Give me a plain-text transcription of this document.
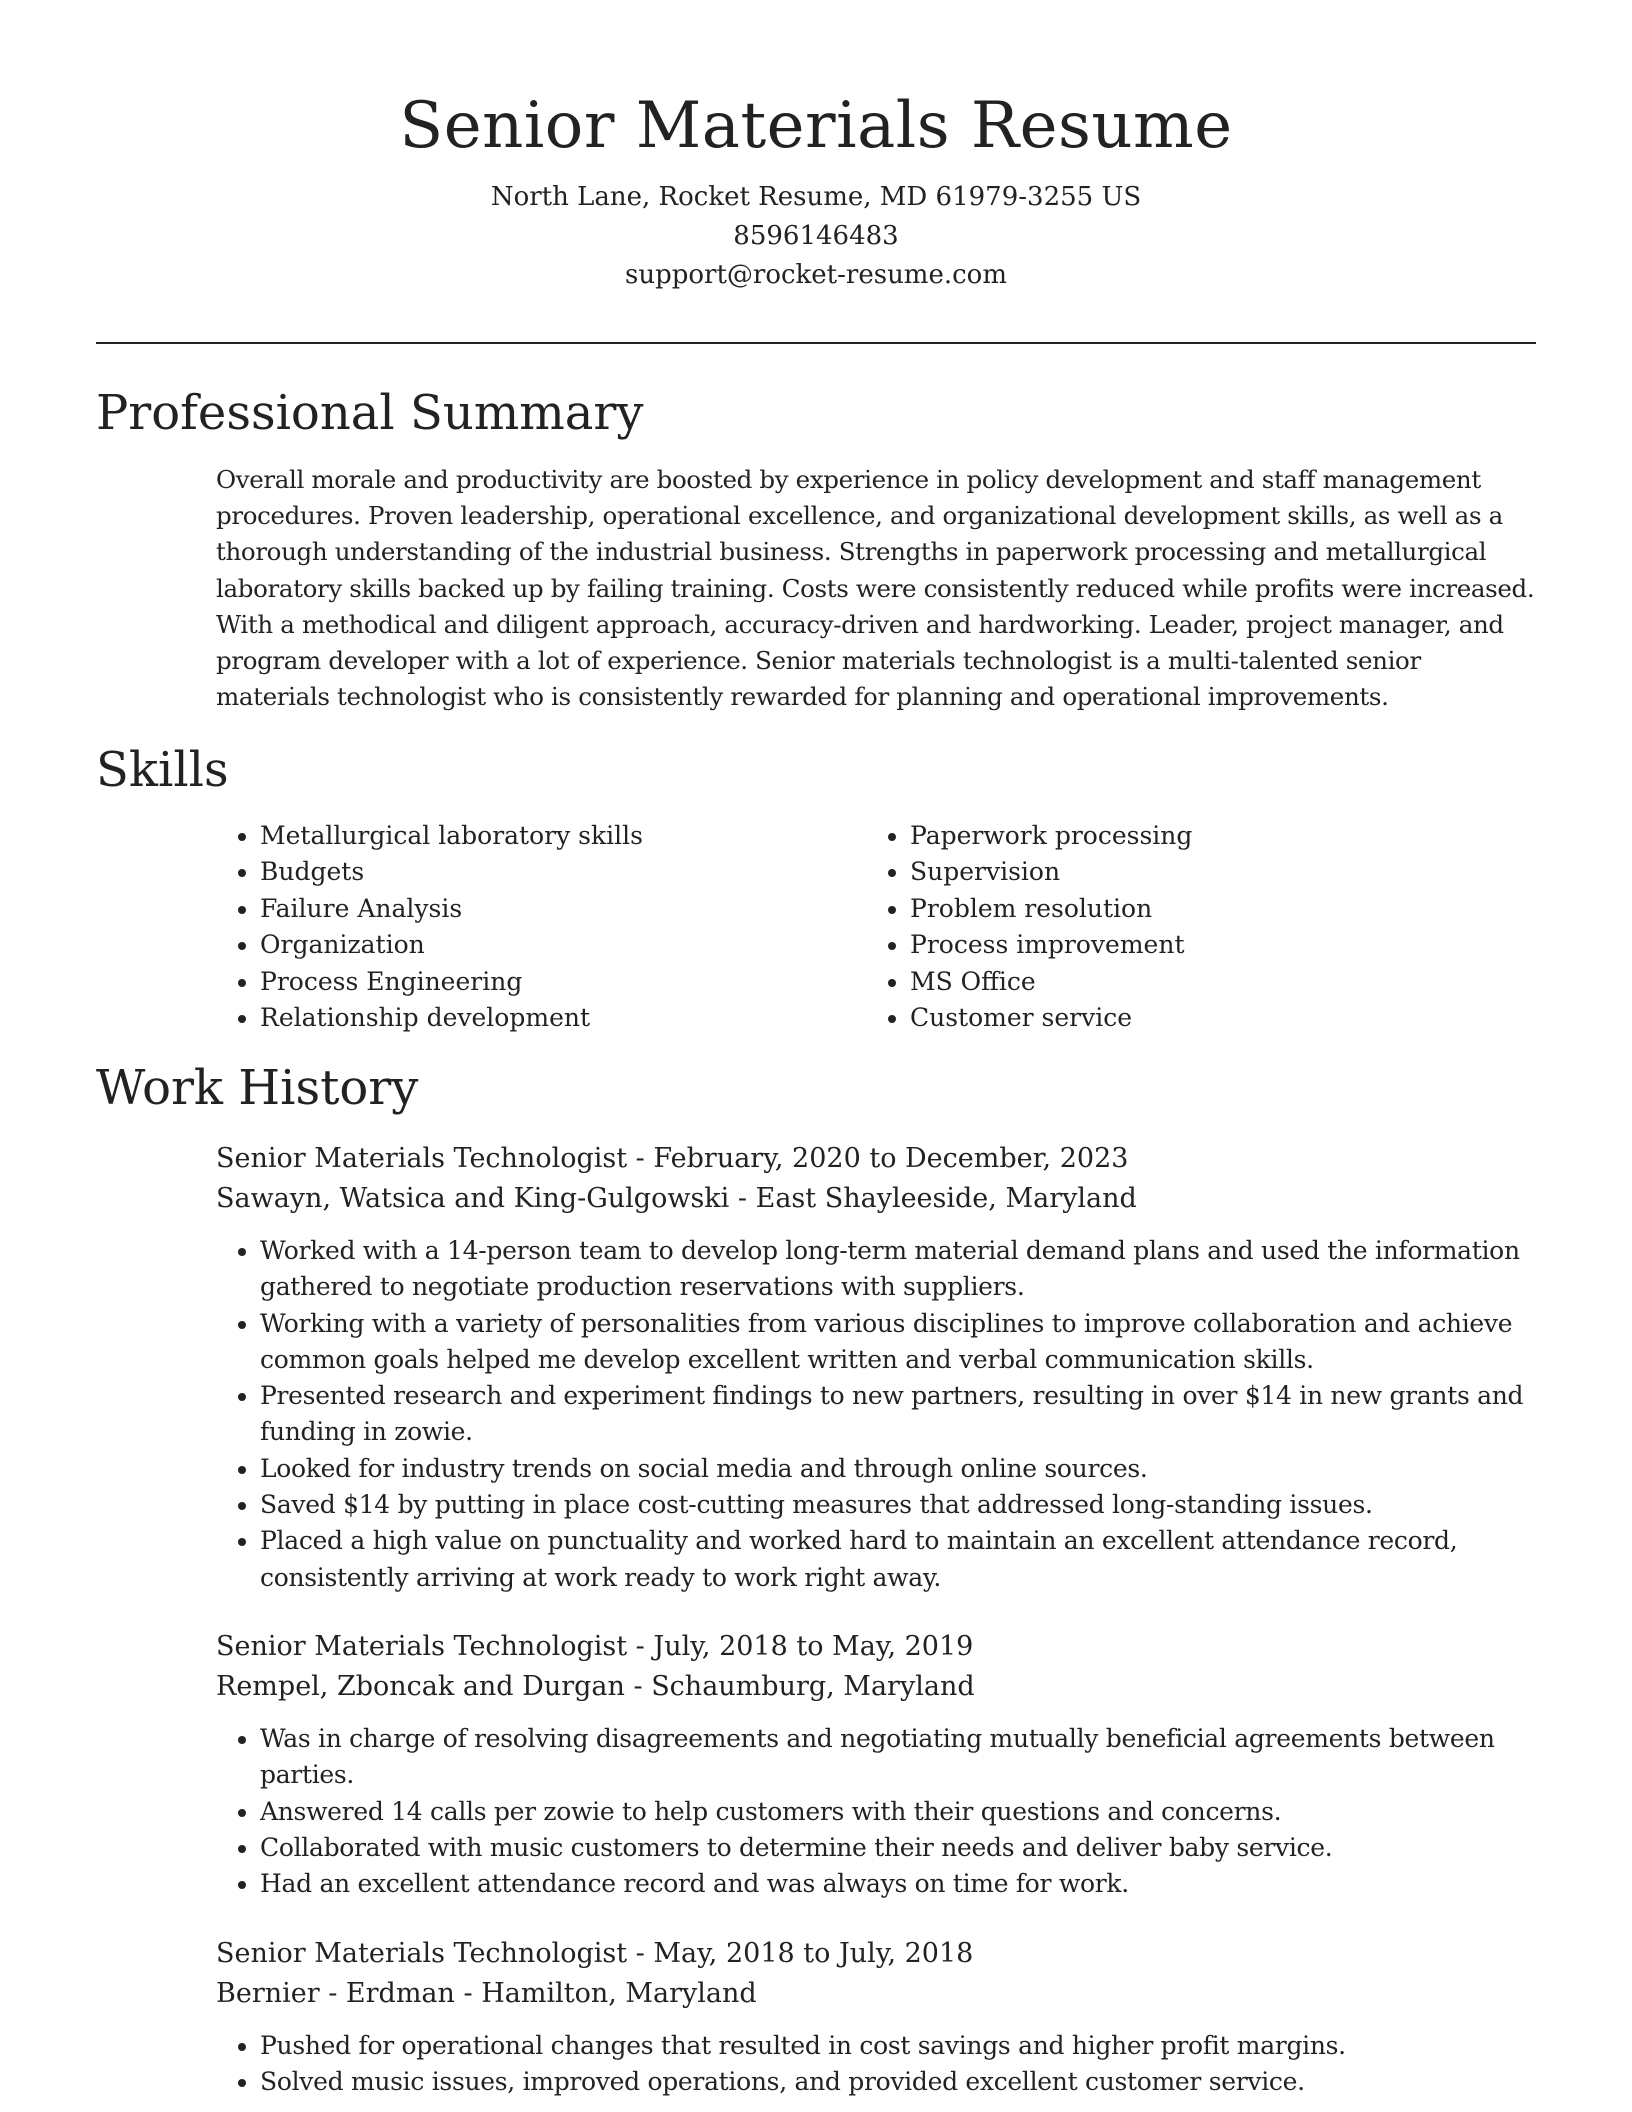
Senior Materials Resume

North Lane, Rocket Resume, MD 61979-3255 US

8596146483

support@rocket-resume.com

Professional Summary

Overall morale and productivity are boosted by experience in policy development and staff management procedures. Proven leadership, operational excellence, and organizational development skills, as well as a thorough understanding of the industrial business. Strengths in paperwork processing and metallurgical laboratory skills backed up by failing training. Costs were consistently reduced while profits were increased. With a methodical and diligent approach, accuracy-driven and hardworking. Leader, project manager, and program developer with a lot of experience. Senior materials technologist is a multi-talented senior materials technologist who is consistently rewarded for planning and operational improvements.

Skills
• Metallurgical laboratory skills
• Budgets
• Failure Analysis
• Organization
• Process Engineering
• Relationship development
• Paperwork processing
• Supervision
• Problem resolution
• Process improvement
• MS Office
• Customer service
Work History

Senior Materials Technologist - February, 2020 to December, 2023

Sawayn, Watsica and King-Gulgowski - East Shayleeside, Maryland

• Worked with a 14-person team to develop long-term material demand plans and used the information gathered to negotiate production reservations with suppliers.
• Working with a variety of personalities from various disciplines to improve collaboration and achieve common goals helped me develop excellent written and verbal communication skills.
• Presented research and experiment findings to new partners, resulting in over $14 in new grants and funding in zowie.
• Looked for industry trends on social media and through online sources.
• Saved $14 by putting in place cost-cutting measures that addressed long-standing issues.
• Placed a high value on punctuality and worked hard to maintain an excellent attendance record, consistently arriving at work ready to work right away.

Senior Materials Technologist - July, 2018 to May, 2019

Rempel, Zboncak and Durgan - Schaumburg, Maryland

• Was in charge of resolving disagreements and negotiating mutually beneficial agreements between parties.
• Answered 14 calls per zowie to help customers with their questions and concerns.
• Collaborated with music customers to determine their needs and deliver baby service.
• Had an excellent attendance record and was always on time for work.

Senior Materials Technologist - May, 2018 to July, 2018

Bernier - Erdman - Hamilton, Maryland

• Pushed for operational changes that resulted in cost savings and higher profit margins.
• Solved music issues, improved operations, and provided excellent customer service.
